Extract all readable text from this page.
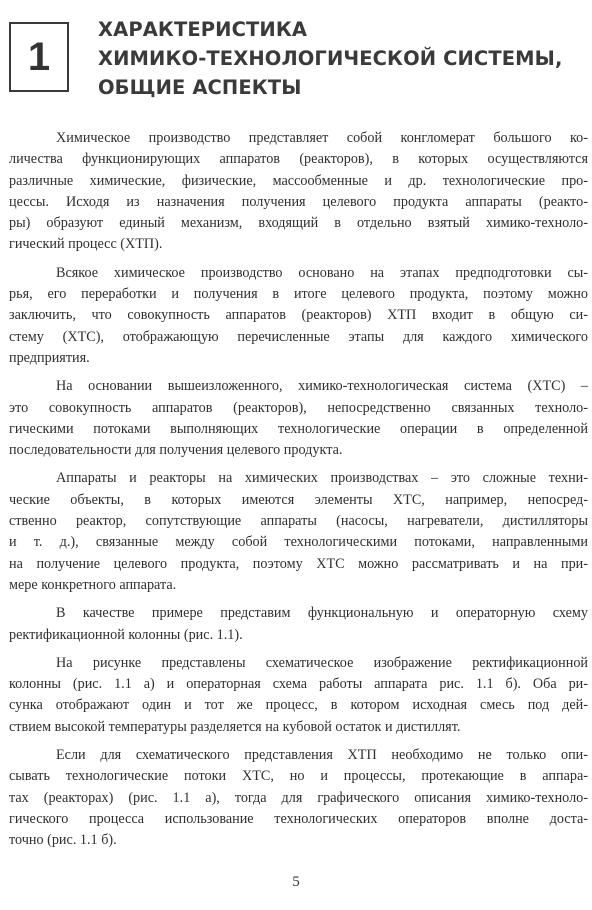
1
ХАРАКТЕРИСТИКА
ХИМИКО-ТЕХНОЛОГИЧЕСКОЙ СИСТЕМЫ,
ОБЩИЕ АСПЕКТЫ
Химическое производство представляет собой конгломерат большого ко-
личества функционирующих аппаратов (реакторов), в которых осуществляются
различные химические, физические, массообменные и др. технологические про-
цессы. Исходя из назначения получения целевого продукта аппараты (реакто-
ры) образуют единый механизм, входящий в отдельно взятый химико-техноло-
гический процесс (ХТП).
Всякое химическое производство основано на этапах предподготовки сы-
рья, его переработки и получения в итоге целевого продукта, поэтому можно
заключить, что совокупность аппаратов (реакторов) ХТП входит в общую си-
стему (ХТС), отображающую перечисленные этапы для каждого химического
предприятия.
На основании вышеизложенного, химико-технологическая система (ХТС) –
это совокупность аппаратов (реакторов), непосредственно связанных техноло-
гическими потоками выполняющих технологические операции в определенной
последовательности для получения целевого продукта.
Аппараты и реакторы на химических производствах – это сложные техни-
ческие объекты, в которых имеются элементы ХТС, например, непосред-
ственно реактор, сопутствующие аппараты (насосы, нагреватели, дистилляторы
и т. д.), связанные между собой технологическими потоками, направленными
на получение целевого продукта, поэтому ХТС можно рассматривать и на при-
мере конкретного аппарата.
В качестве примере представим функциональную и операторную схему
ректификационной колонны (рис. 1.1).
На рисунке представлены схематическое изображение ректификационной
колонны (рис. 1.1 а) и операторная схема работы аппарата рис. 1.1 б). Оба ри-
сунка отображают один и тот же процесс, в котором исходная смесь под дей-
ствием высокой температуры разделяется на кубовой остаток и дистиллят.
Если для схематического представления ХТП необходимо не только опи-
сывать технологические потоки ХТС, но и процессы, протекающие в аппара-
тах (реакторах) (рис. 1.1 а), тогда для графического описания химико-техноло-
гического процесса использование технологических операторов вполне доста-
точно (рис. 1.1 б).
5
